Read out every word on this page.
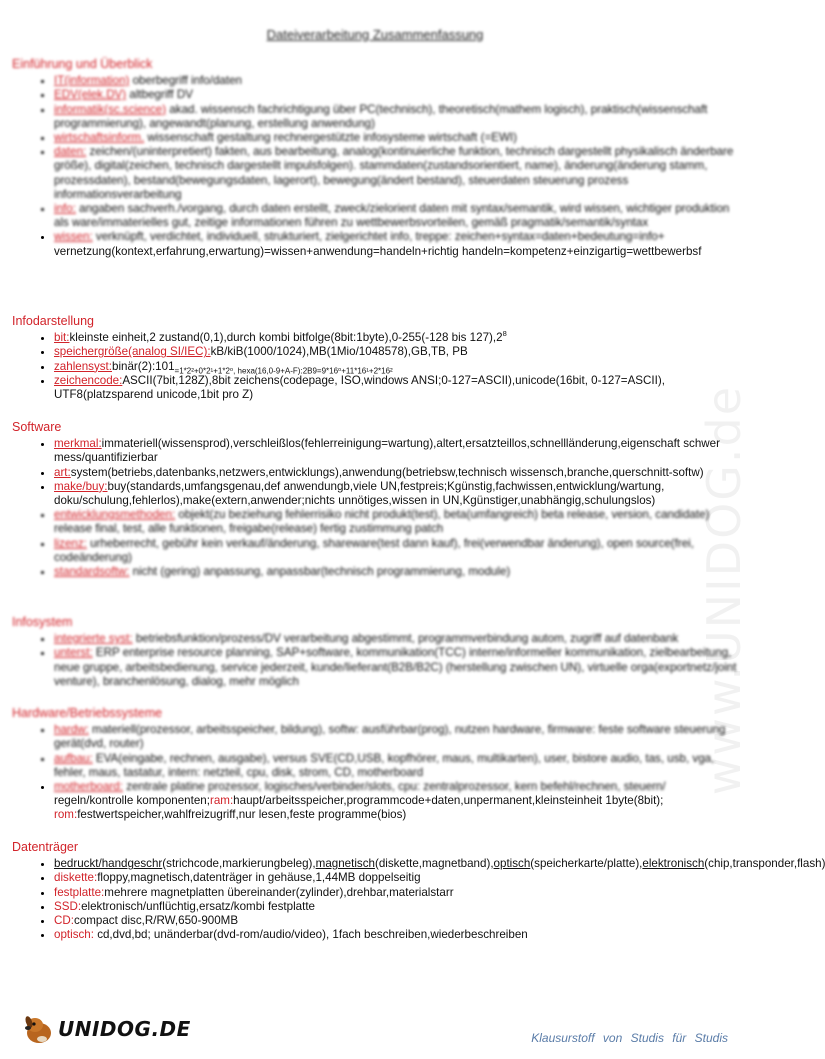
www.UNIDOG.de
Dateiverarbeitung Zusammenfassung
Einführung und Überblick
• IT(information) oberbegriff info/daten
• EDV(elek.DV) altbegriff DV
• informatik(sc.science) akad. wissensch fachrichtigung über PC(technisch), theoretisch(mathem logisch), praktisch(wissenschaft programmierung), angewandt(planung, erstellung anwendung)
• wirtschaftsinform. wissenschaft gestaltung rechnergestützte infosysteme wirtschaft (=EWI)
• daten: zeichen/(uninterpretiert) fakten, aus bearbeitung, analog(kontinuierliche funktion, technisch dargestellt physikalisch änderbare größe), digital(zeichen, technisch dargestellt impulsfolgen). stammdaten(zustandsorientiert, name), änderung(änderung stamm, prozessdaten), bestand(bewegungsdaten, lagerort), bewegung(ändert bestand), steuerdaten steuerung prozess informationsverarbeitung
• info: angaben sachverh./vorgang, durch daten erstellt, zweck/zielorient daten mit syntax/semantik, wird wissen, wichtiger produktion als ware/immaterielles gut, zeitige informationen führen zu wettbewerbsvorteilen, gemäß pragmatik/semantik/syntax
• wissen: verknüpft, verdichtet, individuell, strukturiert, zielgerichtet info, treppe: zeichen+syntax=daten+bedeutung=info+ vernetzung(kontext,erfahrung,erwartung)=wissen+anwendung=handeln+richtig handeln=kompetenz+einzigartig=wettbewerbsf
Infodarstellung
• bit:kleinste einheit,2 zustand(0,1),durch kombi bitfolge(8bit:1byte),0-255(-128 bis $127),2^8$
• speichergröße(analog SI/IEC):kB/kiB(1000/1024),MB(1Mio/1048578),GB,TB, PB
• $zahlensyst:binär(2):101_{=1*2^2+0*2^1+1*2^0, hexa(16,0-9+A-F):2B9=9*16^0+11*16^1+2*16^2}$
• zeichencode:ASCII(7bit,128Z),8bit zeichens(codepage, ISO,windows ANSI;0-127=ASCII),unicode(16bit, 0-127=ASCII), UTF8(platzsparend unicode,1bit pro Z)
Software
• merkmal:immateriell(wissensprod),verschleißlos(fehlerreinigung=wartung),altert,ersatzteillos,schnellländerung,eigenschaft schwer mess/quantifizierbar
• art:system(betriebs,datenbanks,netzwers,entwicklungs),anwendung(betriebsw,technisch wissensch,branche,querschnitt-softw)
• make/buy:buy(standards,umfangsgenau,def anwendungb,viele UN,festpreis;Kgünstig,fachwissen,entwicklung/wartung, doku/schulung,fehlerlos),make(extern,anwender;nichts unnötiges,wissen in UN,Kgünstiger,unabhängig,schulungslos)
• entwicklungsmethoden: objekt(zu beziehung fehlerrisiko nicht produkt(test), beta(umfangreich) beta release, version, candidate) release final, test, alle funktionen, freigabe(release) fertig zustimmung patch
• lizenz: urheberrecht, gebühr kein verkauf/änderung, shareware(test dann kauf), frei(verwendbar änderung), open source(frei, codeänderung)
• standardsoftw: nicht (gering) anpassung, anpassbar(technisch programmierung, module)
Infosystem
• integrierte syst: betriebsfunktion/prozess/DV verarbeitung abgestimmt, programmverbindung autom, zugriff auf datenbank
• unterst: ERP enterprise resource planning, SAP+software, kommunikation(TCC) interne/informeller kommunikation, zielbearbeitung, neue gruppe, arbeitsbedienung, service jederzeit, kunde/lieferant(B2B/B2C) (herstellung zwischen UN), virtuelle orga(exportnetz/joint venture), branchenlösung, dialog, mehr möglich
Hardware/Betriebssysteme
• hardw: materiell(prozessor, arbeitsspeicher, bildung), softw: ausführbar(prog), nutzen hardware, firmware: feste software steuerung gerät(dvd, router)
• aufbau: EVA(eingabe, rechnen, ausgabe), versus SVE(CD,USB, kopfhörer, maus, multikarten), user, bistore audio, tas, usb, vga, fehler, maus, tastatur, intern: netzteil, cpu, disk, strom, CD, motherboard
• motherboard: zentrale platine prozessor, logisches/verbinder/slots, cpu: zentralprozessor, kern befehl/rechnen, steuern/
regeln/kontrolle komponenten;ram:haupt/arbeitsspeicher,programmcode+daten,unpermanent,kleinsteinheit 1byte(8bit);
rom:festwertspeicher,wahlfreizugriff,nur lesen,feste programme(bios)
Datenträger
• bedruckt/handgeschr(strichcode,markierungbeleg),magnetisch(diskette,magnetband),optisch(speicherkarte/platte),elektronisch(chip,transponder,flash)
• diskette:floppy,magnetisch,datenträger in gehäuse,1,44MB doppelseitig
• festplatte:mehrere magnetplatten übereinander(zylinder),drehbar,materialstarr
• SSD:elektronisch/unflüchtig,ersatz/kombi festplatte
• CD:compact disc,R/RW,650-900MB
• optisch: cd,dvd,bd; unänderbar(dvd-rom/audio/video), 1fach beschreiben,wiederbeschreiben
UNIDOG.DE	Klausurstoff von Studis für Studis
